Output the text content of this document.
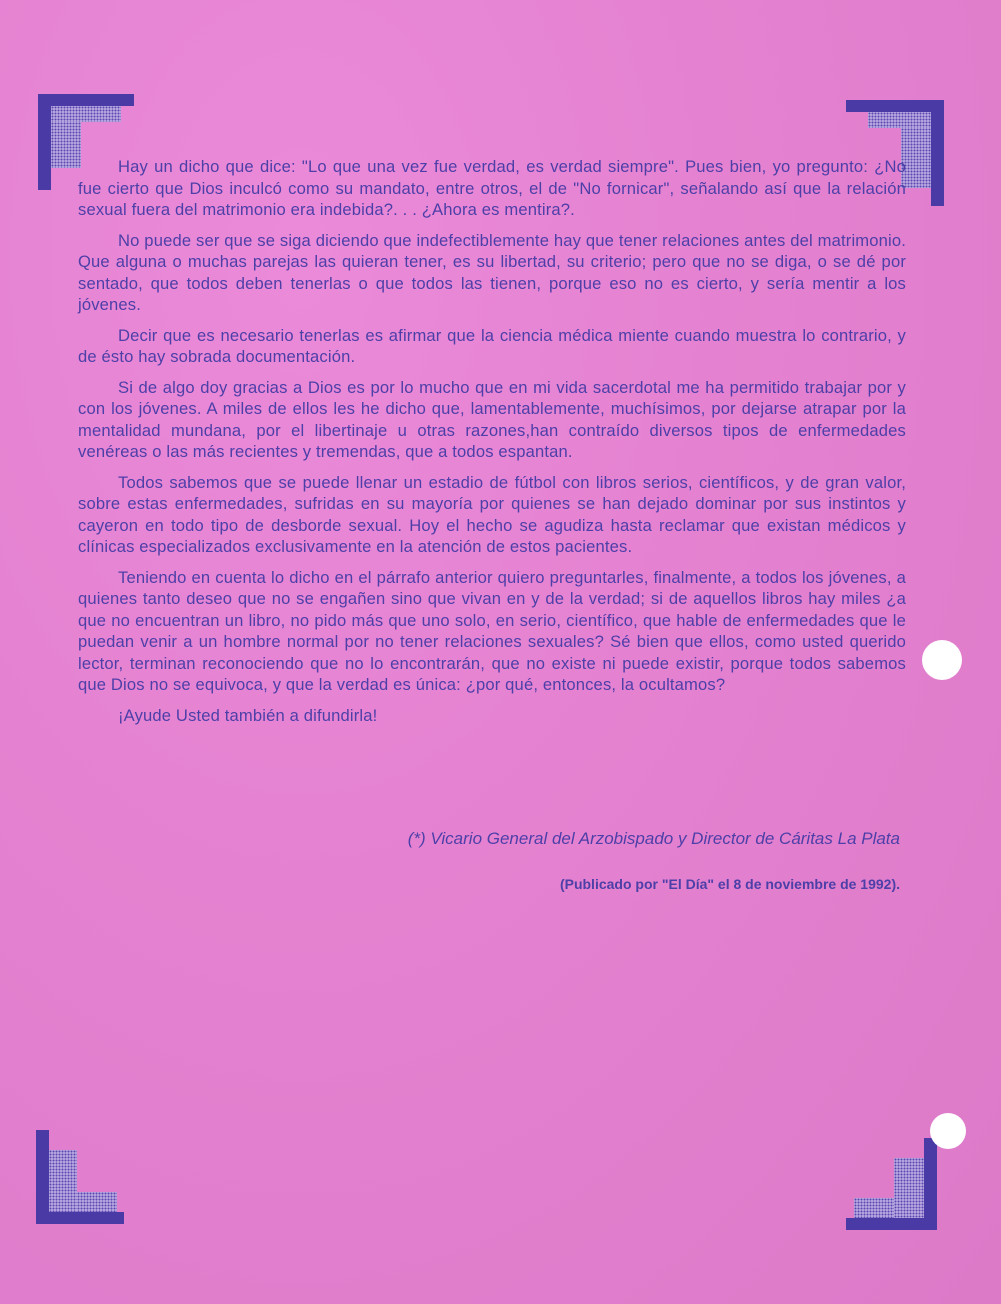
Hay un dicho que dice: "Lo que una vez fue verdad, es verdad siempre". Pues bien, yo pregunto: ¿No fue cierto que Dios inculcó como su mandato, entre otros, el de "No fornicar", señalando así que la relación sexual fuera del matrimonio era indebida?. . . ¿Ahora es mentira?.

No puede ser que se siga diciendo que indefectiblemente hay que tener relaciones antes del matrimonio. Que alguna o muchas parejas las quieran tener, es su libertad, su criterio; pero que no se diga, o se dé por sentado, que todos deben tenerlas o que todos las tienen, porque eso no es cierto, y sería mentir a los jóvenes.

Decir que es necesario tenerlas es afirmar que la ciencia médica miente cuando muestra lo contrario, y de ésto hay sobrada documentación.

Si de algo doy gracias a Dios es por lo mucho que en mi vida sacerdotal me ha permitido trabajar por y con los jóvenes. A miles de ellos les he dicho que, lamentablemente, muchísimos, por dejarse atrapar por la mentalidad mundana, por el libertinaje u otras razones,han contraído diversos tipos de enfermedades venéreas o las más recientes y tremendas, que a todos espantan.

Todos sabemos que se puede llenar un estadio de fútbol con libros serios, científicos, y de gran valor, sobre estas enfermedades, sufridas en su mayoría por quienes se han dejado dominar por sus instintos y cayeron en todo tipo de desborde sexual. Hoy el hecho se agudiza hasta reclamar que existan médicos y clínicas especializados exclusivamente en la atención de estos pacientes.

Teniendo en cuenta lo dicho en el párrafo anterior quiero preguntarles, finalmente, a todos los jóvenes, a quienes tanto deseo que no se engañen sino que vivan en y de la verdad; si de aquellos libros hay miles ¿a que no encuentran un libro, no pido más que uno solo, en serio, científico, que hable de enfermedades que le puedan venir a un hombre normal por no tener relaciones sexuales? Sé bien que ellos, como usted querido lector, terminan reconociendo que no lo encontrarán, que no existe ni puede existir, porque todos sabemos que Dios no se equivoca, y que la verdad es única: ¿por qué, entonces, la ocultamos?

¡Ayude Usted también a difundirla!

(*) Vicario General del Arzobispado y Director de Cáritas La Plata
(Publicado por "El Día" el 8 de noviembre de 1992).
